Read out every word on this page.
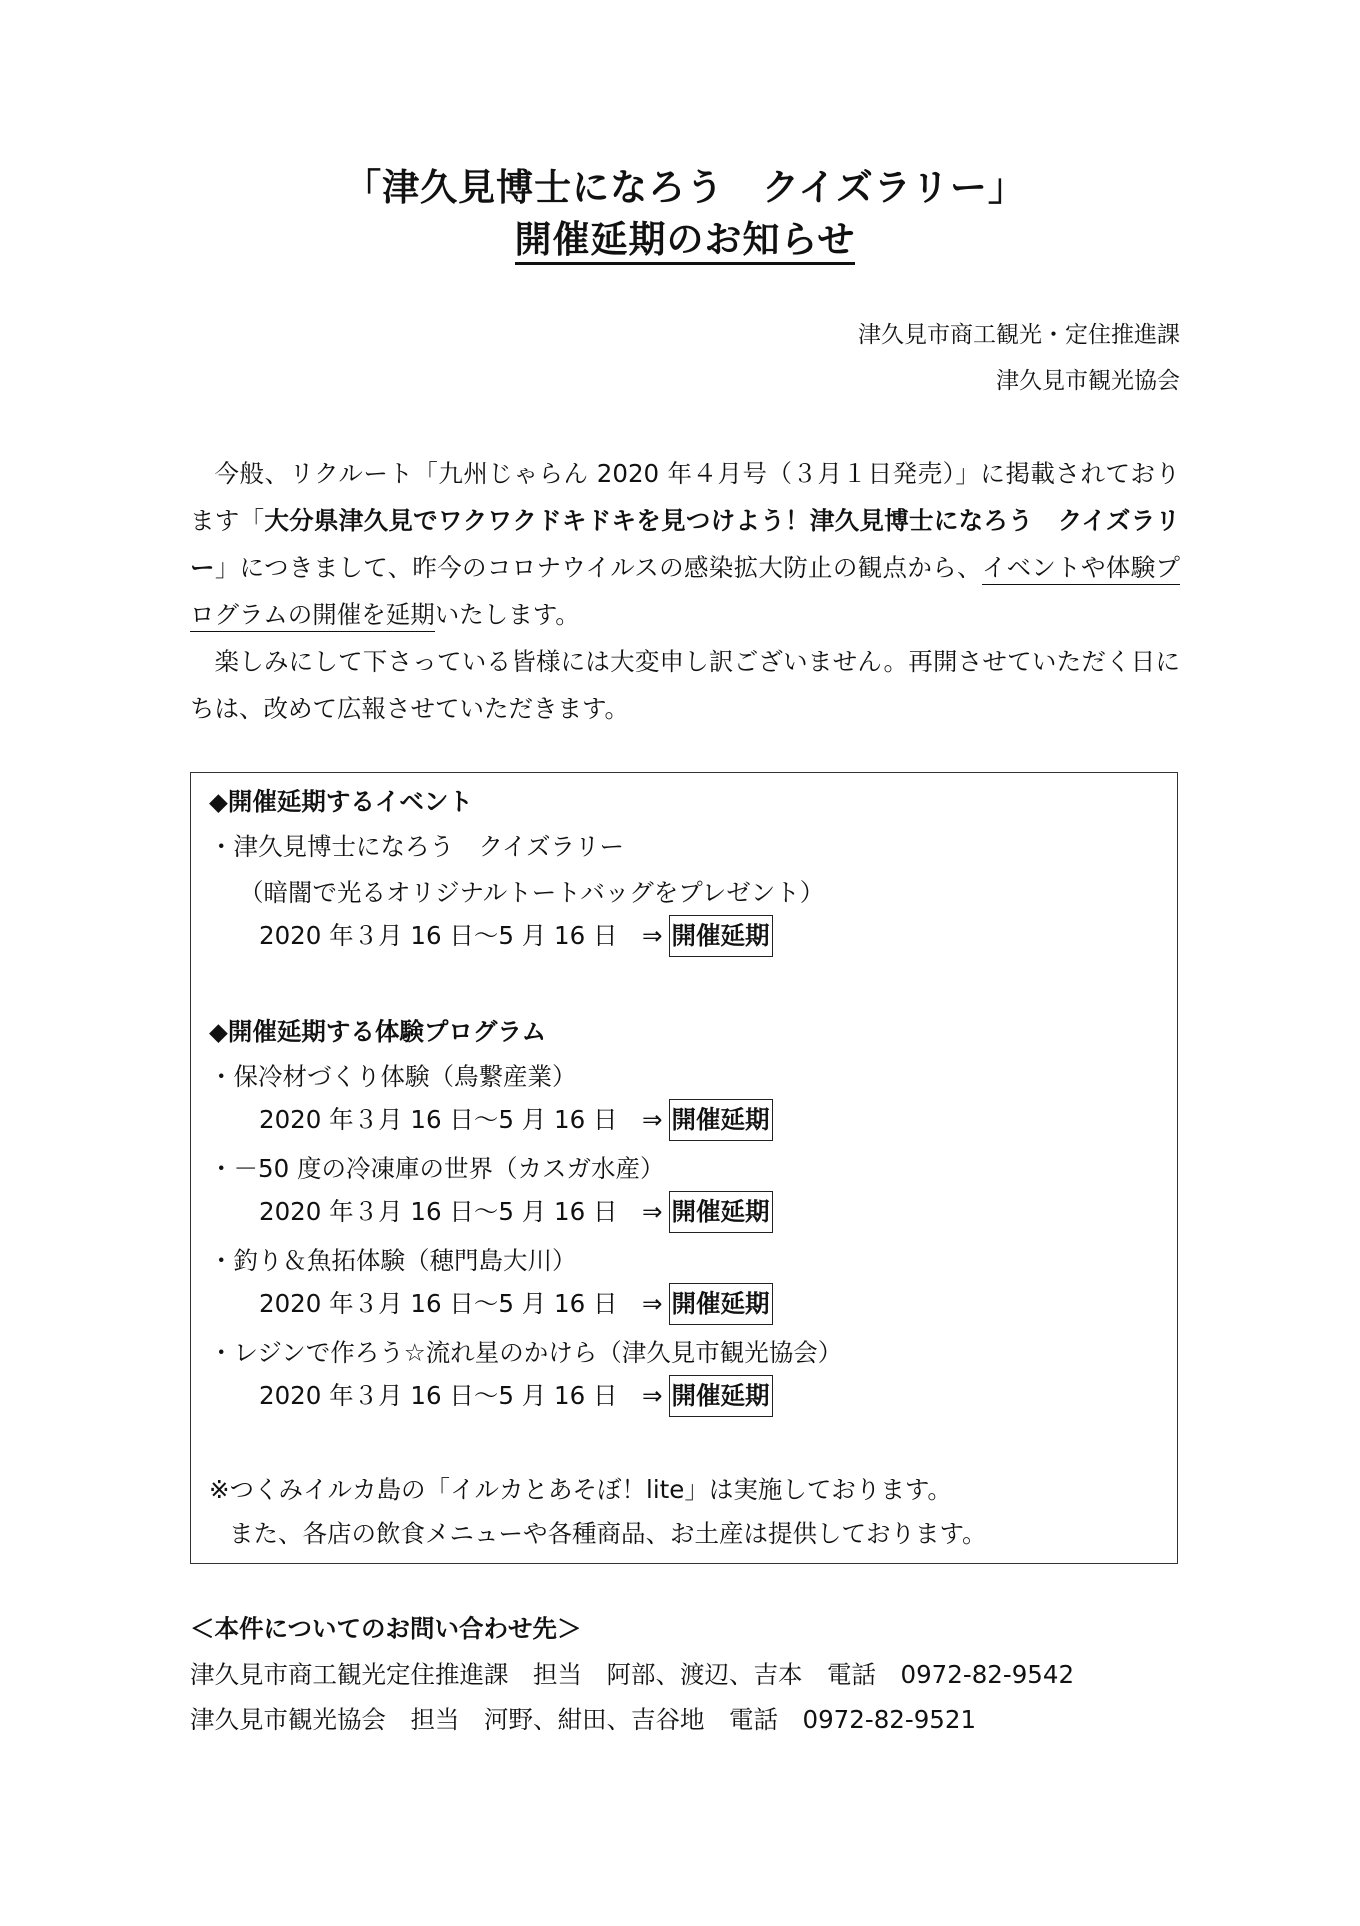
「津久見博士になろう　クイズラリー」
開催延期のお知らせ
津久見市商工観光・定住推進課
津久見市観光協会
今般、リクルート「九州じゃらん 2020 年４月号（３月１日発売）」に掲載されております「大分県津久見でワクワクドキドキを見つけよう！津久見博士になろう　クイズラリー」につきまして、昨今のコロナウイルスの感染拡大防止の観点から、イベントや体験プログラムの開催を延期いたします。
楽しみにして下さっている皆様には大変申し訳ございません。再開させていただく日にちは、改めて広報させていただきます。
◆開催延期するイベント
・津久見博士になろう　クイズラリー
（暗闇で光るオリジナルトートバッグをプレゼント）
2020 年３月 16 日～5 月 16 日　⇒ 開催延期
◆開催延期する体験プログラム
・保冷材づくり体験（鳥繋産業）
2020 年３月 16 日～5 月 16 日　⇒ 開催延期
・－50 度の冷凍庫の世界（カスガ水産）
2020 年３月 16 日～5 月 16 日　⇒ 開催延期
・釣り＆魚拓体験（穂門島大川）
2020 年３月 16 日～5 月 16 日　⇒ 開催延期
・レジンで作ろう☆流れ星のかけら（津久見市観光協会）
2020 年３月 16 日～5 月 16 日　⇒ 開催延期
※つくみイルカ島の「イルカとあそぼ！lite」は実施しております。
また、各店の飲食メニューや各種商品、お土産は提供しております。
＜本件についてのお問い合わせ先＞
津久見市商工観光定住推進課　担当　阿部、渡辺、吉本　電話　0972-82-9542
津久見市観光協会　担当　河野、紺田、吉谷地　電話　0972-82-9521
